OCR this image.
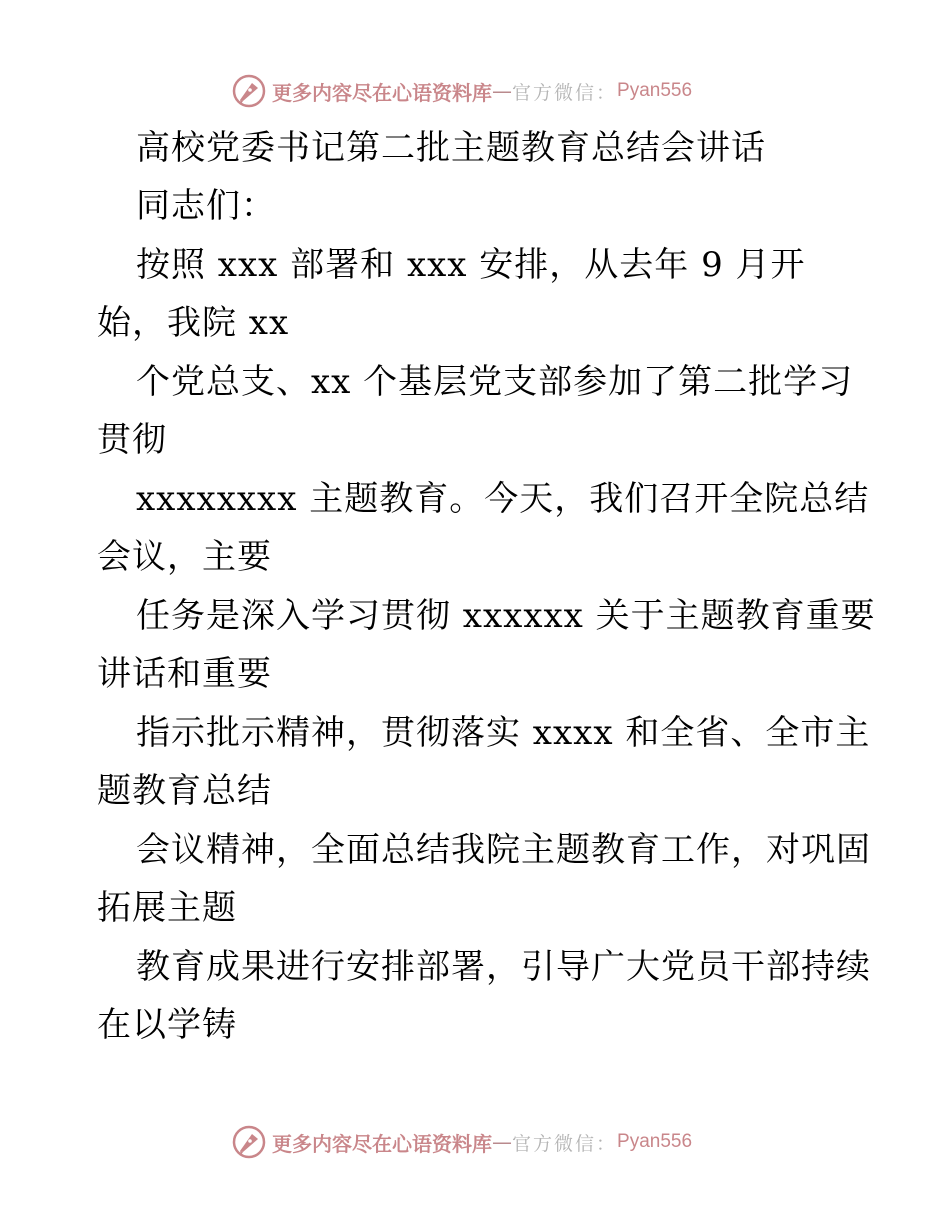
更多内容尽在心语资料库 — 官方微信： Pyan556
高校党委书记第二批主题教育总结会讲话
同志们：
按照 xxx 部署和 xxx 安排，从去年 9 月开
始，我院 xx
个党总支、xx 个基层党支部参加了第二批学习
贯彻
xxxxxxxx 主题教育。今天，我们召开全院总结
会议，主要
任务是深入学习贯彻 xxxxxx 关于主题教育重要
讲话和重要
指示批示精神，贯彻落实 xxxx 和全省、全市主
题教育总结
会议精神，全面总结我院主题教育工作，对巩固
拓展主题
教育成果进行安排部署，引导广大党员干部持续
在以学铸
更多内容尽在心语资料库 — 官方微信： Pyan556
